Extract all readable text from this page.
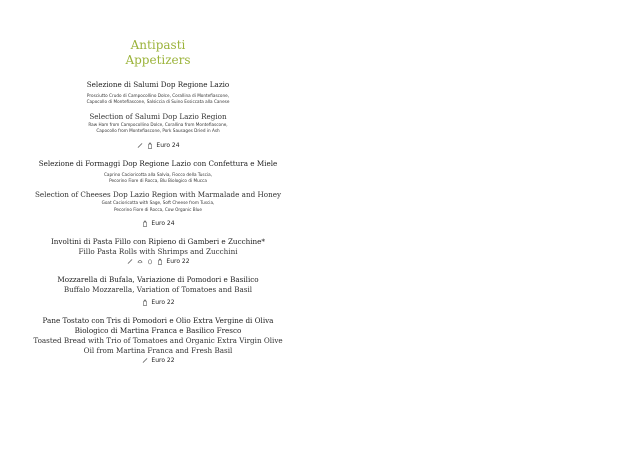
Antipasti
Appetizers
Selezione di Salumi Dop Regione Lazio
Prosciutto Crudo di Campocollino Dolce, Corallina di Montefiascone,
Capocollo di Montefiascone, Salsiccia di Suino Essiccata alla Canese
Selection of Salumi Dop Lazio Region
Raw Ham from Campocollino Dolce, Corallina from Montefiascone,
Capocollo from Montefiascone, Pork Sausages Dried in Ash
Euro 24
Selezione di Formaggi Dop Regione Lazio con Confettura e Miele
Caprino Cacioricotta alla Salvia, Fiocco della Tuscia,
Pecorino Fiore di Rocca, Blu Biologico di Mucca
Selection of Cheeses Dop Lazio Region with Marmalade and Honey
Goat Cacioricotta with Sage, Soft Cheese from Tuscia,
Pecorino Fiore di Rocca, Cow Organic Blue
Euro 24
Involtini di Pasta Fillo con Ripieno di Gamberi e Zucchine*
Fillo Pasta Rolls with Shrimps and Zucchini
Euro 22
Mozzarella di Bufala, Variazione di Pomodori e Basilico
Buffalo Mozzarella, Variation of Tomatoes and Basil
Euro 22
Pane Tostato con Tris di Pomodori e Olio Extra Vergine di Oliva Biologico di Martina Franca e Basilico Fresco
Toasted Bread with Trio of Tomatoes and Organic Extra Virgin Olive Oil from Martina Franca and Fresh Basil
Euro 22
